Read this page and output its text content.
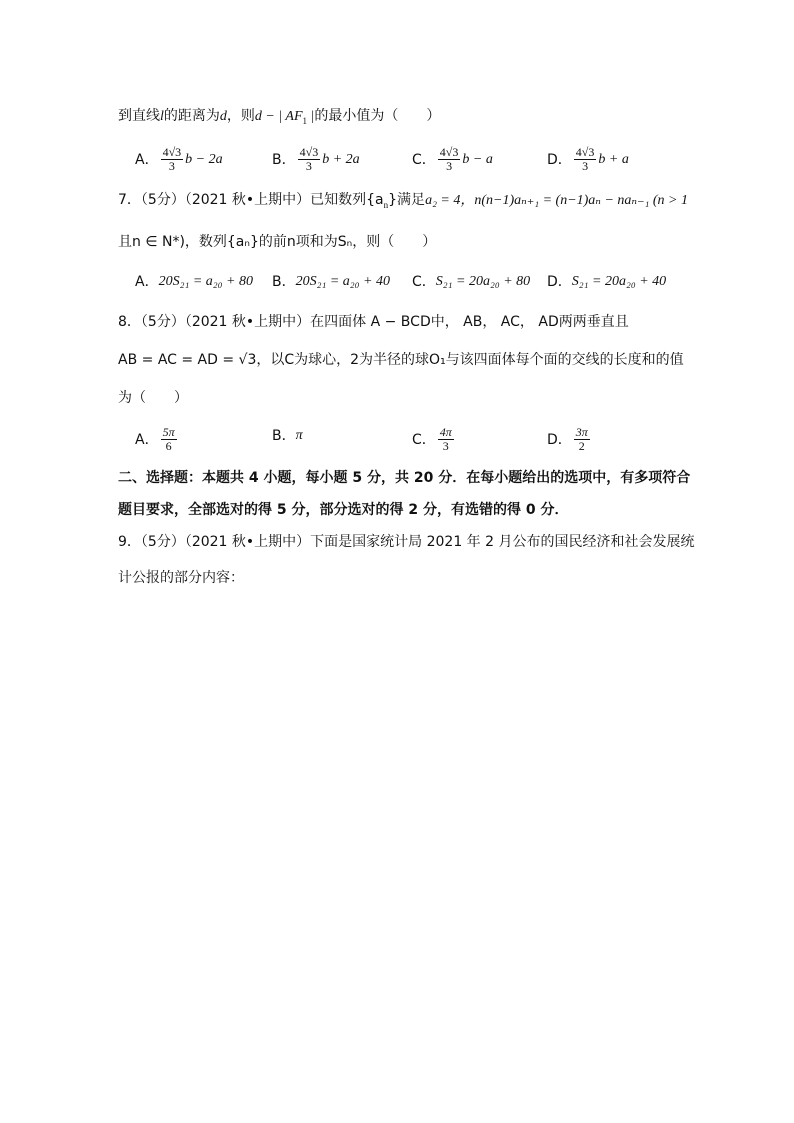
到直线l的距离为d，则d − | $AF_1$ |的最小值为（　　）
A． $\frac{4√3}{3}$ b − 2a	B． $\frac{4√3}{3}$ b + 2a	C． $\frac{4√3}{3}$ b − a	D． $\frac{4√3}{3}$ b + a
7．（5分）（2021 秋•上期中）已知数列$\{a_n\}$满足a₂ = 4，n(n−1)aₙ₊₁ = (n−1)aₙ − naₙ₋₁ (n > 1
且n ∈ N*)，数列{aₙ}的前n项和为Sₙ，则（　　）
A． 20S₂₁ = a₂₀ + 80 B． 20S₂₁ = a₂₀ + 40 C． S₂₁ = 20a₂₀ + 80 D． S₂₁ = 20a₂₀ + 40
8．（5分）（2021 秋•上期中）在四面体 A − BCD中， AB， AC， AD两两垂直且
AB = AC = AD = √3，以C为球心，2为半径的球O₁与该四面体每个面的交线的长度和的值
为（　　）
A． $\frac{5\pi}{6}$	B． π	C． $\frac{4\pi}{3}$	D． $\frac{3\pi}{2}$
二、选择题：本题共 4 小题，每小题 5 分，共 20 分．在每小题给出的选项中，有多项符合
题目要求，全部选对的得 5 分，部分选对的得 2 分，有选错的得 0 分．
9．（5分）（2021 秋•上期中）下面是国家统计局 2021 年 2 月公布的国民经济和社会发展统
计公报的部分内容：
